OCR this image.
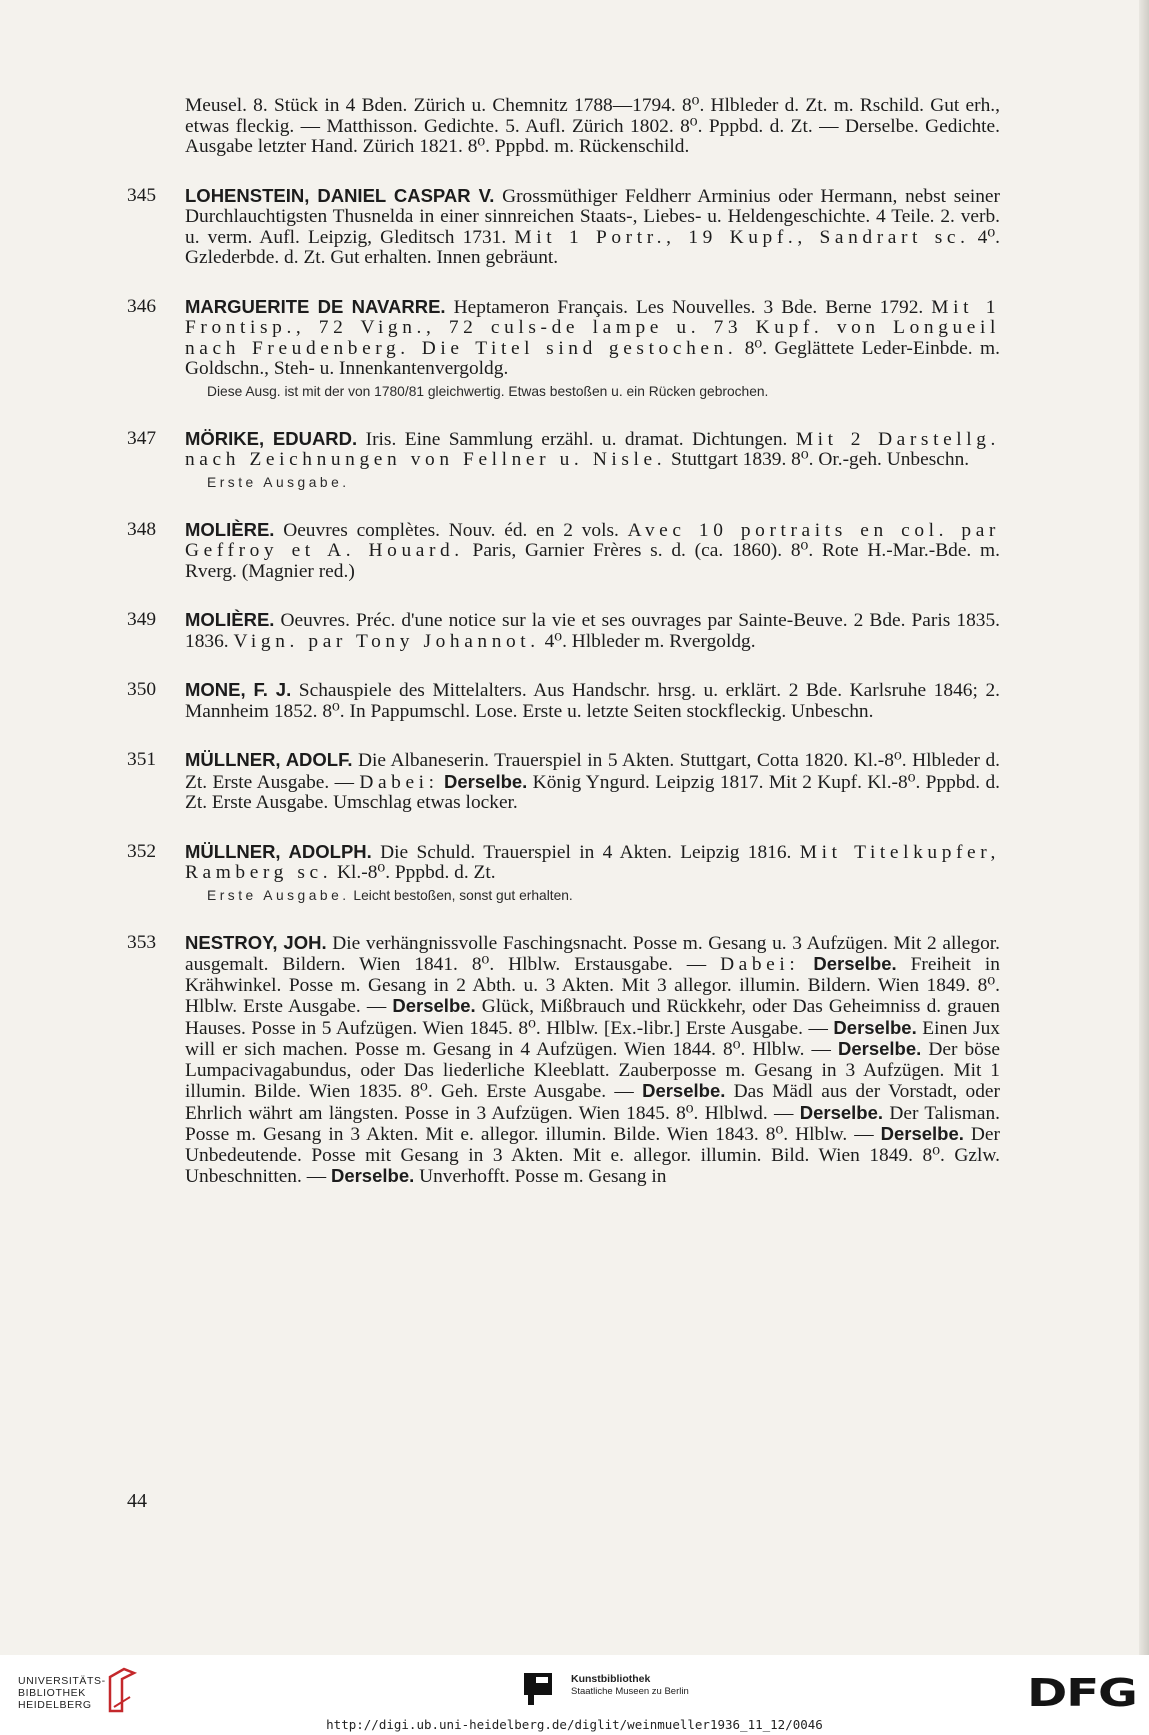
Meusel. 8. Stück in 4 Bden. Zürich u. Chemnitz 1788—1794. 8⁰. Hlbleder d. Zt. m. Rschild. Gut erh., etwas fleckig. — Matthisson. Gedichte. 5. Aufl. Zürich 1802. 8⁰. Pppbd. d. Zt. — Derselbe. Gedichte. Ausgabe letzter Hand. Zürich 1821. 8⁰. Pppbd. m. Rückenschild.

345 LOHENSTEIN, DANIEL CASPAR V. Grossmüthiger Feldherr Arminius oder Hermann, nebst seiner Durchlauchtigsten Thusnelda in einer sinnreichen Staats-, Liebes- u. Heldengeschichte. 4 Teile. 2. verb. u. verm. Aufl. Leipzig, Gleditsch 1731. Mit 1 Portr., 19 Kupf., Sandrart sc. 4⁰. Gzlederbde. d. Zt. Gut erhalten. Innen gebräunt.
346 MARGUERITE DE NAVARRE. Heptameron Français. Les Nouvelles. 3 Bde. Berne 1792. Mit 1 Frontisp., 72 Vign., 72 culs-de lampe u. 73 Kupf. von Longueil nach Freudenberg. Die Titel sind gestochen. 8⁰. Geglättete Leder-Einbde. m. Goldschn., Steh- u. Innenkantenvergoldg.
Diese Ausg. ist mit der von 1780/81 gleichwertig. Etwas bestoßen u. ein Rücken gebrochen.
347 MÖRIKE, EDUARD. Iris. Eine Sammlung erzähl. u. dramat. Dichtungen. Mit 2 Darstellg. nach Zeichnungen von Fellner u. Nisle. Stuttgart 1839. 8⁰. Or.-geh. Unbeschn.
Erste Ausgabe.
348 MOLIÈRE. Oeuvres complètes. Nouv. éd. en 2 vols. Avec 10 portraits en col. par Geffroy et A. Houard. Paris, Garnier Frères s. d. (ca. 1860). 8⁰. Rote H.-Mar.-Bde. m. Rverg. (Magnier red.)
349 MOLIÈRE. Oeuvres. Préc. d'une notice sur la vie et ses ouvrages par Sainte-Beuve. 2 Bde. Paris 1835. 1836. Vign. par Tony Johannot. 4⁰. Hlbleder m. Rvergoldg.
350 MONE, F. J. Schauspiele des Mittelalters. Aus Handschr. hrsg. u. erklärt. 2 Bde. Karlsruhe 1846; 2. Mannheim 1852. 8⁰. In Pappumschl. Lose. Erste u. letzte Seiten stockfleckig. Unbeschn.
351 MÜLLNER, ADOLF. Die Albaneserin. Trauerspiel in 5 Akten. Stuttgart, Cotta 1820. Kl.-8⁰. Hlbleder d. Zt. Erste Ausgabe. — Dabei: Derselbe. König Yngurd. Leipzig 1817. Mit 2 Kupf. Kl.-8⁰. Pppbd. d. Zt. Erste Ausgabe. Umschlag etwas locker.
352 MÜLLNER, ADOLPH. Die Schuld. Trauerspiel in 4 Akten. Leipzig 1816. Mit Titelkupfer, Ramberg sc. Kl.-8⁰. Pppbd. d. Zt.
Erste Ausgabe. Leicht bestoßen, sonst gut erhalten.
353 NESTROY, JOH. Die verhängnissvolle Faschingsnacht. Posse m. Gesang u. 3 Aufzügen. Mit 2 allegor. ausgemalt. Bildern. Wien 1841. 8⁰. Hlblw. Erstausgabe. — Dabei: Derselbe. Freiheit in Krähwinkel. Posse m. Gesang in 2 Abth. u. 3 Akten. Mit 3 allegor. illumin. Bildern. Wien 1849. 8⁰. Hlblw. Erste Ausgabe. — Derselbe. Glück, Mißbrauch und Rückkehr, oder Das Geheimniss d. grauen Hauses. Posse in 5 Aufzügen. Wien 1845. 8⁰. Hlblw. [Ex.-libr.] Erste Ausgabe. — Derselbe. Einen Jux will er sich machen. Posse m. Gesang in 4 Aufzügen. Wien 1844. 8⁰. Hlblw. — Derselbe. Der böse Lumpacivagabundus, oder Das liederliche Kleeblatt. Zauberposse m. Gesang in 3 Aufzügen. Mit 1 illumin. Bilde. Wien 1835. 8⁰. Geh. Erste Ausgabe. — Derselbe. Das Mädl aus der Vorstadt, oder Ehrlich währt am längsten. Posse in 3 Aufzügen. Wien 1845. 8⁰. Hlblwd. — Derselbe. Der Talisman. Posse m. Gesang in 3 Akten. Mit e. allegor. illumin. Bilde. Wien 1843. 8⁰. Hlblw. — Derselbe. Der Unbedeutende. Posse mit Gesang in 3 Akten. Mit e. allegor. illumin. Bild. Wien 1849. 8⁰. Gzlw. Unbeschnitten. — Derselbe. Unverhofft. Posse m. Gesang in
44
UNIVERSITÄTS-
BIBLIOTHEK
HEIDELBERG
Kunstbibliothek
Staatliche Museen zu Berlin	DFG
http://digi.ub.uni-heidelberg.de/diglit/weinmueller1936_11_12/0046
